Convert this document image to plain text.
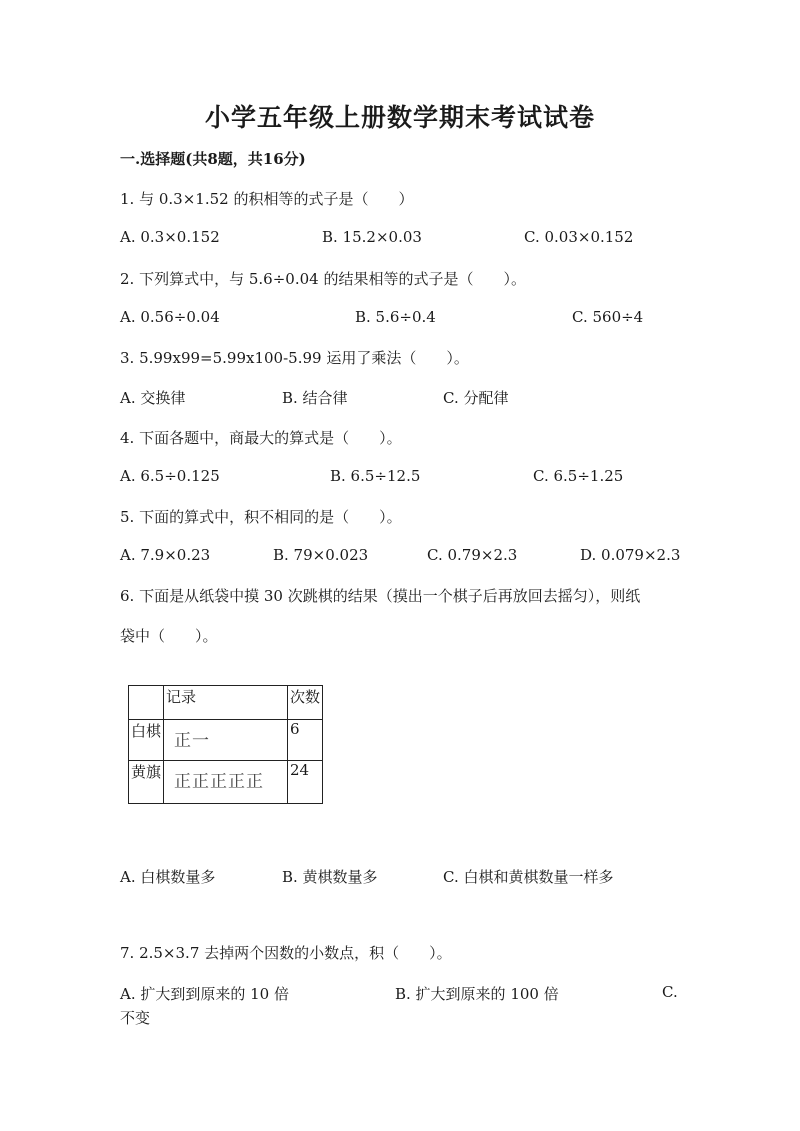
小学五年级上册数学期末考试试卷
一.选择题(共8题，共16分)
1. 与 0.3×1.52 的积相等的式子是（　　）
A. 0.3×0.152	B. 15.2×0.03	C. 0.03×0.152
2. 下列算式中，与 5.6÷0.04 的结果相等的式子是（　　）。
A. 0.56÷0.04	B. 5.6÷0.4	C. 560÷4
3. 5.99x99=5.99x100-5.99 运用了乘法（　　）。
A. 交换律	B. 结合律	C. 分配律
4. 下面各题中，商最大的算式是（　　）。
A. 6.5÷0.125	B. 6.5÷12.5	C. 6.5÷1.25
5. 下面的算式中，积不相同的是（　　）。
A. 7.9×0.23	B. 79×0.023	C. 0.79×2.3	D. 0.079×2.3
6. 下面是从纸袋中摸 30 次跳棋的结果（摸出一个棋子后再放回去摇匀），则纸
袋中（　　）。
	记录	次数
白棋	正一	6
黄旗	正正正正正	24
A. 白棋数量多	B. 黄棋数量多	C. 白棋和黄棋数量一样多
7. 2.5×3.7 去掉两个因数的小数点，积（　　）。
A. 扩大到到原来的 10 倍	B. 扩大到原来的 100 倍	C.
不变
